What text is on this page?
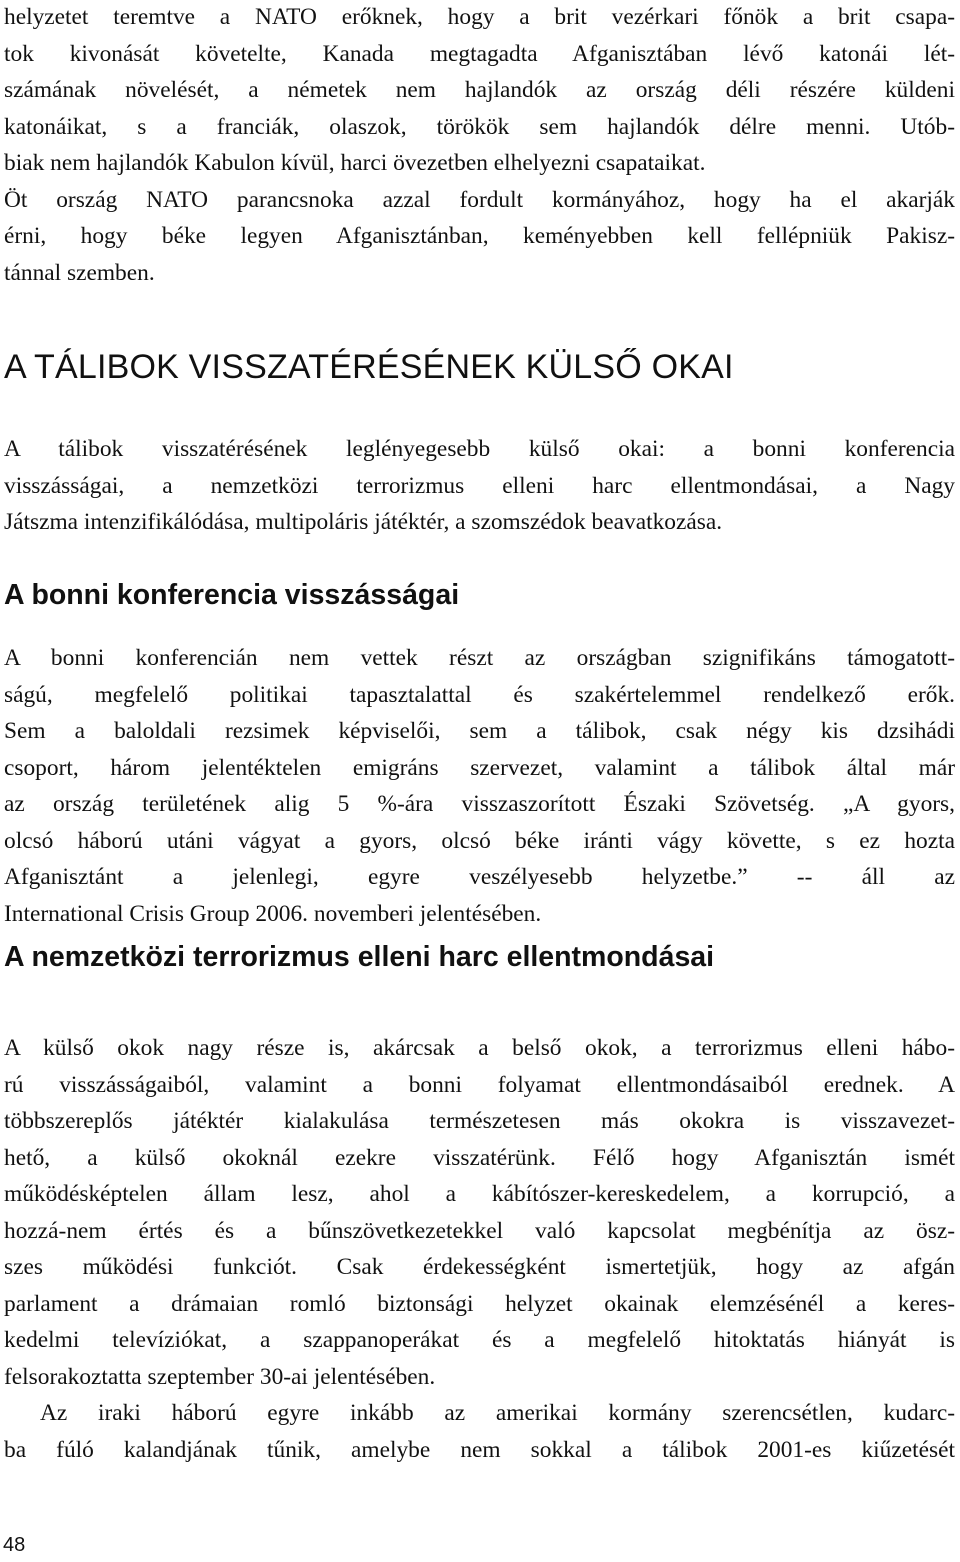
helyzetet teremtve a NATO erőknek, hogy a brit vezérkari főnök a brit csapa-
tok kivonását követelte, Kanada megtagadta Afganisztában lévő katonái lét-
számának növelését, a németek nem hajlandók az ország déli részére küldeni
katonáikat, s a franciák, olaszok, törökök sem hajlandók délre menni. Utób-
biak nem hajlandók Kabulon kívül, harci övezetben elhelyezni csapataikat.
Öt ország NATO parancsnoka azzal fordult kormányához, hogy ha el akarják
érni, hogy béke legyen Afganisztánban, keményebben kell fellépniük Pakisz-
tánnal szemben.
A TÁLIBOK VISSZATÉRÉSÉNEK KÜLSŐ OKAI
A tálibok visszatérésének leglényegesebb külső okai: a bonni konferencia
visszásságai, a nemzetközi terrorizmus elleni harc ellentmondásai, a Nagy
Játszma intenzifikálódása, multipoláris játéktér, a szomszédok beavatkozása.
A bonni konferencia visszásságai
A bonni konferencián nem vettek részt az országban szignifikáns támogatott-
ságú, megfelelő politikai tapasztalattal és szakértelemmel rendelkező erők.
Sem a baloldali rezsimek képviselői, sem a tálibok, csak négy kis dzsihádi
csoport, három jelentéktelen emigráns szervezet, valamint a tálibok által már
az ország területének alig 5 %-ára visszaszorított Északi Szövetség. „A gyors,
olcsó háború utáni vágyat a gyors, olcsó béke iránti vágy követte, s ez hozta
Afganisztánt a jelenlegi, egyre veszélyesebb helyzetbe.” -- áll az
International Crisis Group 2006. novemberi jelentésében.
A nemzetközi terrorizmus elleni harc ellentmondásai
A külső okok nagy része is, akárcsak a belső okok, a terrorizmus elleni hábo-
rú visszásságaiból, valamint a bonni folyamat ellentmondásaiból erednek. A
többszereplős játéktér kialakulása természetesen más okokra is visszavezet-
hető, a külső okoknál ezekre visszatérünk. Félő hogy Afganisztán ismét
működésképtelen állam lesz, ahol a kábítószer-kereskedelem, a korrupció, a
hozzá-nem értés és a bűnszövetkezetekkel való kapcsolat megbénítja az ösz-
szes működési funkciót. Csak érdekességként ismertetjük, hogy az afgán
parlament a drámaian romló biztonsági helyzet okainak elemzésénél a keres-
kedelmi televíziókat, a szappanoperákat és a megfelelő hitoktatás hiányát is
felsorakoztatta szeptember 30-ai jelentésében.
Az iraki háború egyre inkább az amerikai kormány szerencsétlen, kudarc-
ba fúló kalandjának tűnik, amelybe nem sokkal a tálibok 2001-es kiűzetését
48
